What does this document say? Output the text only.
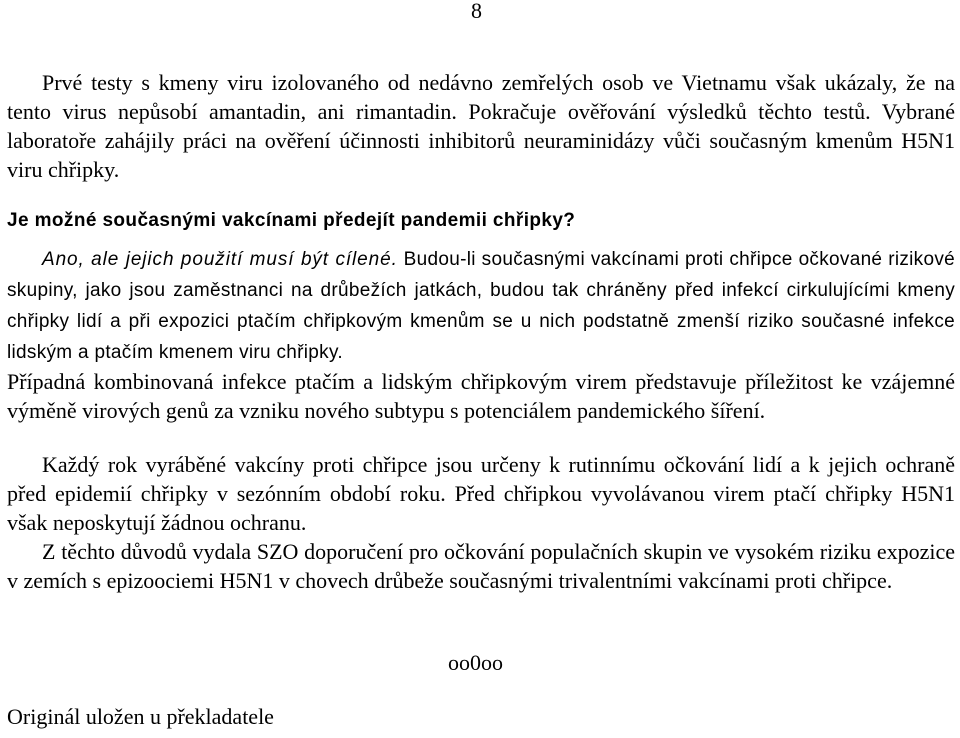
8

Prvé testy s kmeny viru izolovaného od nedávno zemřelých osob ve Vietnamu však ukázaly, že na tento virus nepůsobí amantadin, ani rimantadin. Pokračuje ověřování výsledků těchto testů. Vybrané laboratoře zahájily práci na ověření účinnosti inhibitorů neuraminidázy vůči současným kmenům H5N1 viru chřipky.

Je možné současnými vakcínami předejít pandemii chřipky?

Ano, ale jejich použití musí být cílené. Budou-li současnými vakcínami proti chřipce očkované rizikové skupiny, jako jsou zaměstnanci na drůbežích jatkách, budou tak chráněny před infekcí cirkulujícími kmeny chřipky lidí a při expozici ptačím chřipkovým kmenům se u nich podstatně zmenší riziko současné infekce lidským a ptačím kmenem viru chřipky.
Případná kombinovaná infekce ptačím a lidským chřipkovým virem představuje příležitost ke vzájemné výměně virových genů za vzniku nového subtypu s potenciálem pandemického šíření.

Každý rok vyráběné vakcíny proti chřipce jsou určeny k rutinnímu očkování lidí a k jejich ochraně před epidemií chřipky v sezónním období roku. Před chřipkou vyvolávanou virem ptačí chřipky H5N1 však neposkytují žádnou ochranu.

Z těchto důvodů vydala SZO doporučení pro očkování populačních skupin ve vysokém riziku expozice v zemích s epizoociemi H5N1 v chovech drůbeže současnými trivalentními vakcínami proti chřipce.

oo0oo
Originál uložen u překladatele
